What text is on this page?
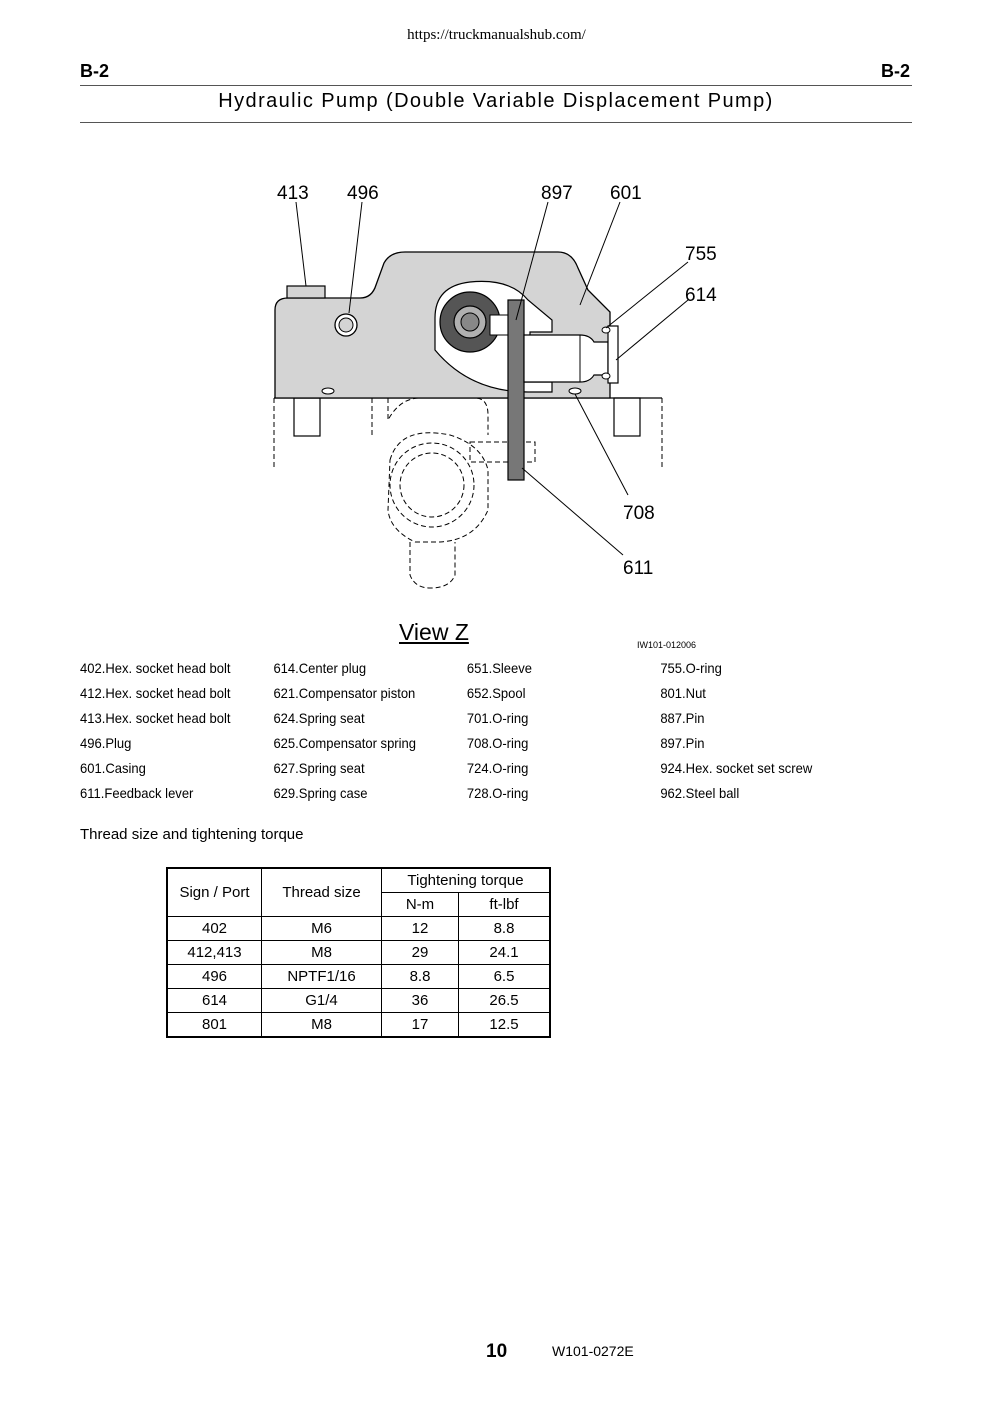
https://truckmanualshub.com/
B-2	B-2
Hydraulic Pump (Double Variable Displacement Pump)
413 496	897 601
755
614
708
611
View Z	IW101-012006
402.Hex. socket head bolt	614.Center plug	651.Sleeve	755.O-ring
412.Hex. socket head bolt	621.Compensator piston	652.Spool	801.Nut
413.Hex. socket head bolt	624.Spring seat	701.O-ring	887.Pin
496.Plug	625.Compensator spring	708.O-ring	897.Pin
601.Casing	627.Spring seat	724.O-ring	924.Hex. socket set screw
611.Feedback lever	629.Spring case	728.O-ring	962.Steel ball
Thread size and tightening torque
Sign / Port	Thread size	Tightening torque	
		N-m	ft-lbf
402	M6	12	8.8
412,413	M8	29	24.1
496	NPTF1/16	8.8	6.5
614	G1/4	36	26.5
801	M8	17	12.5
10	W101-0272E
